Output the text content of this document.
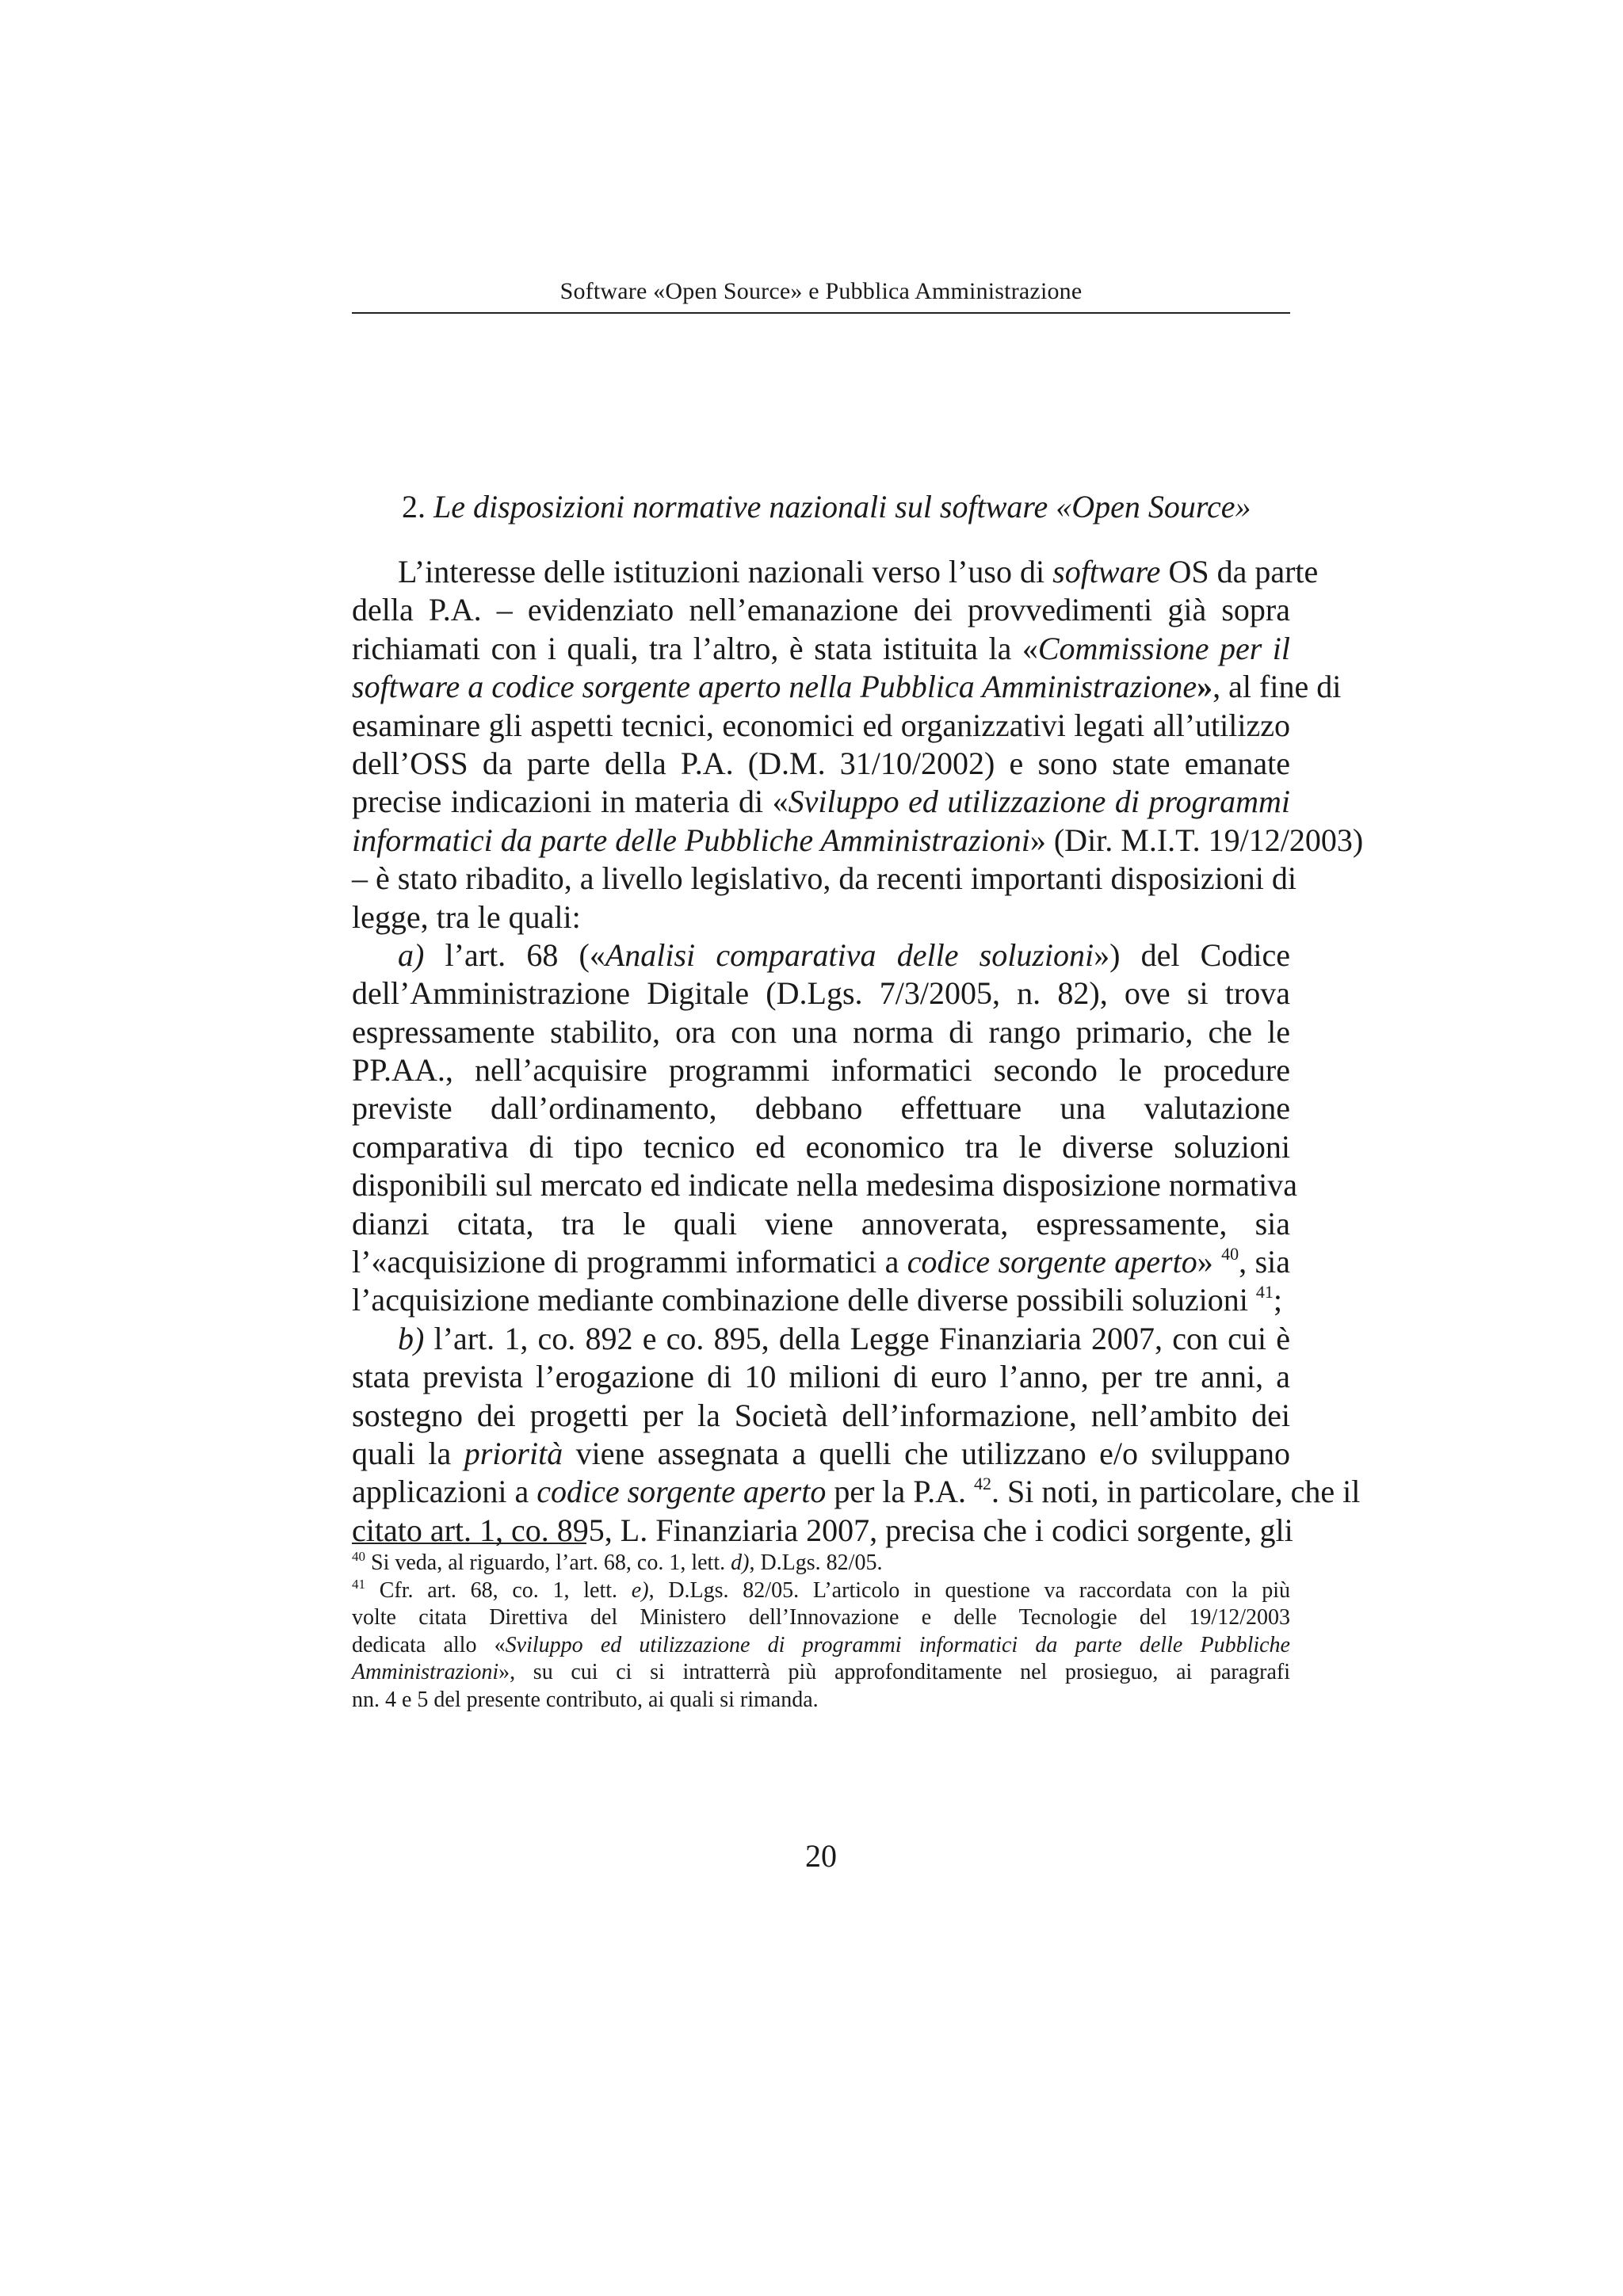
Software «Open Source» e Pubblica Amministrazione
2. Le disposizioni normative nazionali sul software «Open Source»
L’interesse delle istituzioni nazionali verso l’uso di software OS da parte
della P.A. – evidenziato nell’emanazione dei provvedimenti già sopra
richiamati con i quali, tra l’altro, è stata istituita la «Commissione per il
software a codice sorgente aperto nella Pubblica Amministrazione», al fine di
esaminare gli aspetti tecnici, economici ed organizzativi legati all’utilizzo
dell’OSS da parte della P.A. (D.M. 31/10/2002) e sono state emanate
precise indicazioni in materia di «Sviluppo ed utilizzazione di programmi
informatici da parte delle Pubbliche Amministrazioni» (Dir. M.I.T. 19/12/2003)
– è stato ribadito, a livello legislativo, da recenti importanti disposizioni di
legge, tra le quali:
a) l’art. 68 («Analisi comparativa delle soluzioni») del Codice
dell’Amministrazione Digitale (D.Lgs. 7/3/2005, n. 82), ove si trova
espressamente stabilito, ora con una norma di rango primario, che le
PP.AA., nell’acquisire programmi informatici secondo le procedure
previste dall’ordinamento, debbano effettuare una valutazione
comparativa di tipo tecnico ed economico tra le diverse soluzioni
disponibili sul mercato ed indicate nella medesima disposizione normativa
dianzi citata, tra le quali viene annoverata, espressamente, sia
l’«acquisizione di programmi informatici a codice sorgente aperto» $^{40}$, sia
l’acquisizione mediante combinazione delle diverse possibili soluzioni $^{41}$;
b) l’art. 1, co. 892 e co. 895, della Legge Finanziaria 2007, con cui è
stata prevista l’erogazione di 10 milioni di euro l’anno, per tre anni, a
sostegno dei progetti per la Società dell’informazione, nell’ambito dei
quali la priorità viene assegnata a quelli che utilizzano e/o sviluppano
applicazioni a codice sorgente aperto per la P.A. $^{42}$. Si noti, in particolare, che il
citato art. 1, co. 895, L. Finanziaria 2007, precisa che i codici sorgente, gli
$^{40}$ Si veda, al riguardo, l’art. 68, co. 1, lett. d), D.Lgs. 82/05.
$^{41}$ Cfr. art. 68, co. 1, lett. e), D.Lgs. 82/05. L’articolo in questione va raccordata con la più
volte citata Direttiva del Ministero dell’Innovazione e delle Tecnologie del 19/12/2003
dedicata allo «Sviluppo ed utilizzazione di programmi informatici da parte delle Pubbliche
Amministrazioni», su cui ci si intratterrà più approfonditamente nel prosieguo, ai paragrafi
nn. 4 e 5 del presente contributo, ai quali si rimanda.
20
